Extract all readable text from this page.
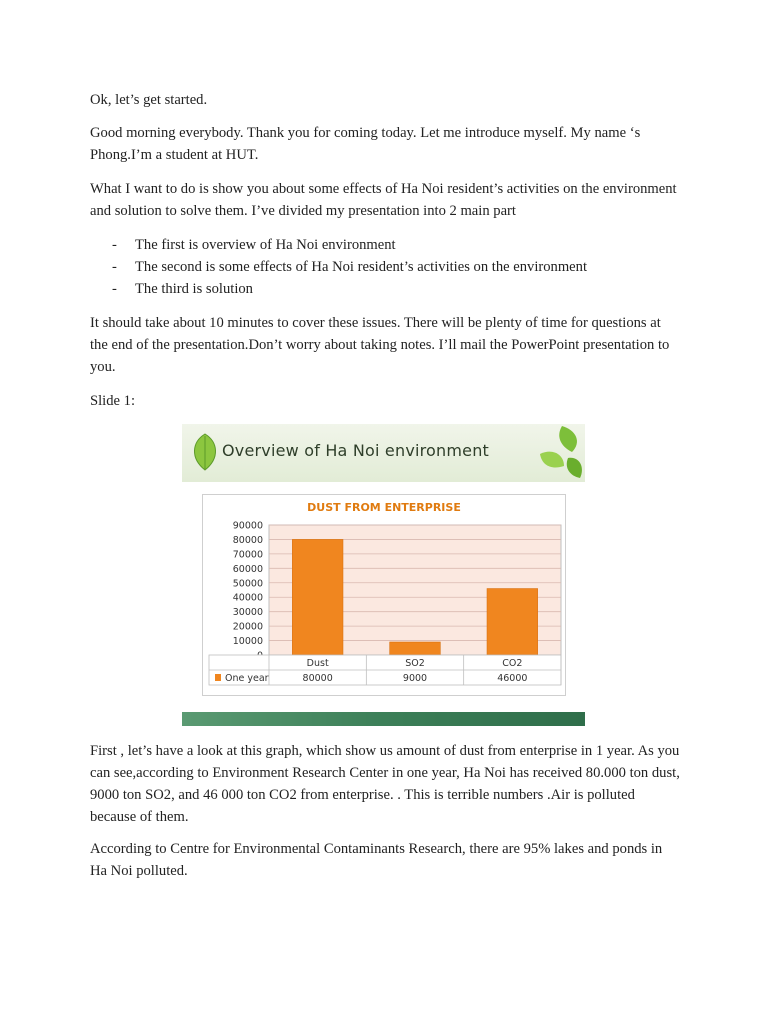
Ok, let’s get started.

Good morning everybody. Thank you for coming today. Let me introduce myself. My name ‘s Phong.I’m a student at HUT.

What I want to do is show you about some effects of Ha Noi resident’s activities on the environment and solution to solve them. I’ve divided my presentation into 2 main part

- The first is overview of Ha Noi environment
- The second is some effects of Ha Noi resident’s activities on the environment
- The third is solution

It should take about 10 minutes to cover these issues. There will be plenty of time for questions at the end of the presentation.Don’t worry about taking notes. I’ll mail the PowerPoint presentation to you.

Slide 1:

Overview of Ha Noi environment
DUST FROM ENTERPRISE
90000
80000
70000
60000
50000
40000
30000
20000
10000
Dust
80000
SO2
9000
CO2
46000
One year

First , let’s have a look at this graph, which show us amount of dust from enterprise in 1 year. As you can see,according to Environment Research Center in one year, Ha Noi has received 80.000 ton dust, 9000 ton SO2, and 46 000 ton CO2 from enterprise. . This is terrible numbers .Air is polluted because of them.

According to Centre for Environmental Contaminants Research, there are 95% lakes and ponds in Ha Noi polluted.
